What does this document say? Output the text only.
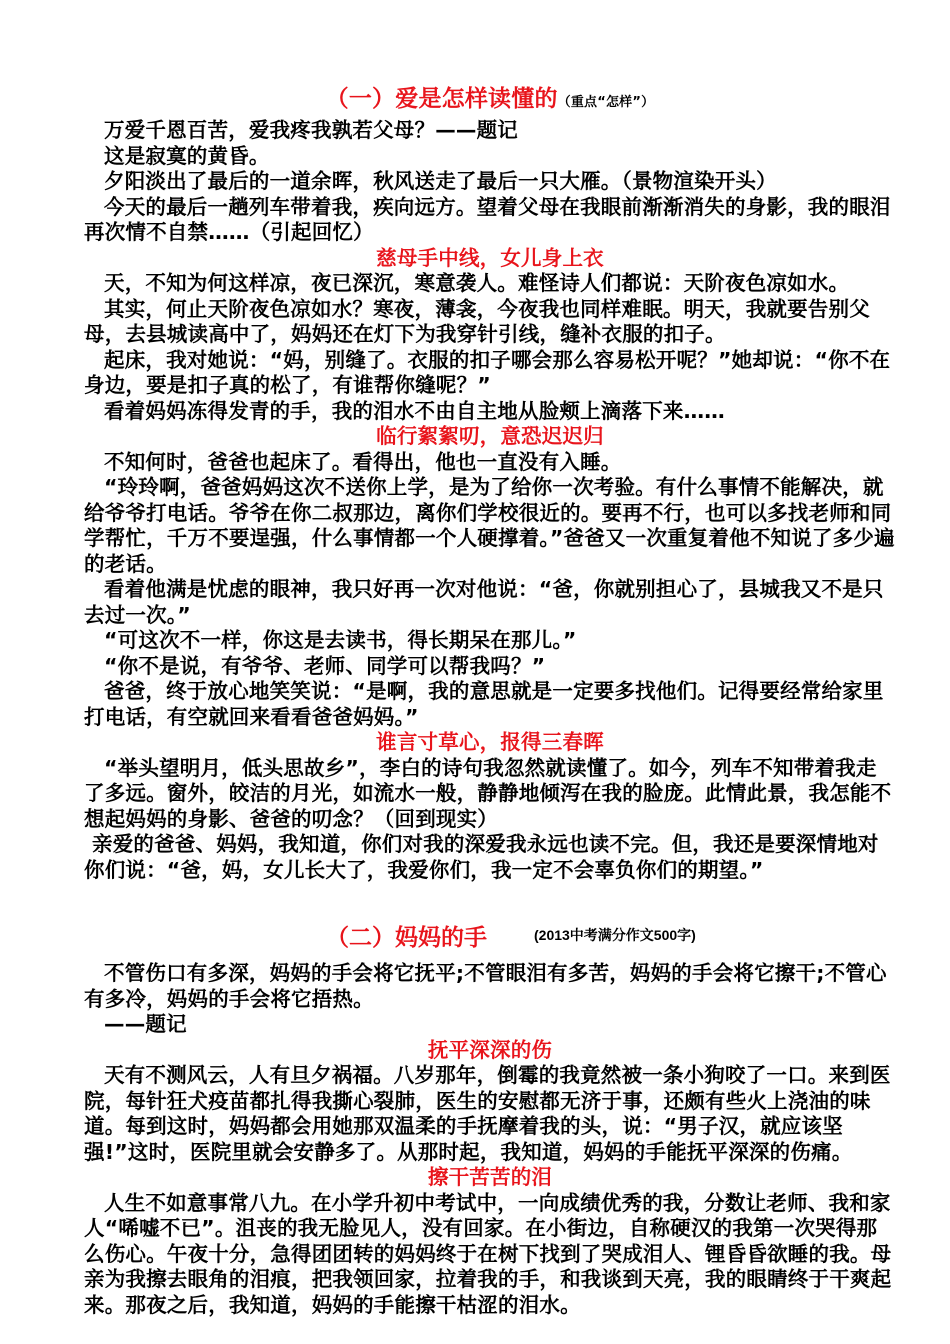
（一）爱是怎样读懂的（重点“怎样”）

万爱千恩百苦，爱我疼我孰若父母？——题记

这是寂寞的黄昏。

夕阳淡出了最后的一道余晖，秋风送走了最后一只大雁。（景物渲染开头）

今天的最后一趟列车带着我，疾向远方。望着父母在我眼前渐渐消失的身影，我的眼泪再次情不自禁……（引起回忆）

慈母手中线，女儿身上衣

天，不知为何这样凉，夜已深沉，寒意袭人。难怪诗人们都说：天阶夜色凉如水。

其实，何止天阶夜色凉如水？寒夜，薄衾，今夜我也同样难眠。明天，我就要告别父母，去县城读高中了，妈妈还在灯下为我穿针引线，缝补衣服的扣子。

起床，我对她说：“妈，别缝了。衣服的扣子哪会那么容易松开呢？”她却说：“你不在身边，要是扣子真的松了，有谁帮你缝呢？”

看着妈妈冻得发青的手，我的泪水不由自主地从脸颊上滴落下来……

临行絮絮叨，意恐迟迟归

不知何时，爸爸也起床了。看得出，他也一直没有入睡。

“玲玲啊，爸爸妈妈这次不送你上学，是为了给你一次考验。有什么事情不能解决，就给爷爷打电话。爷爷在你二叔那边，离你们学校很近的。要再不行，也可以多找老师和同学帮忙，千万不要逞强，什么事情都一个人硬撑着。”爸爸又一次重复着他不知说了多少遍的老话。

看着他满是忧虑的眼神，我只好再一次对他说：“爸，你就别担心了，县城我又不是只去过一次。”

“可这次不一样，你这是去读书，得长期呆在那儿。”

“你不是说，有爷爷、老师、同学可以帮我吗？”

爸爸，终于放心地笑笑说：“是啊，我的意思就是一定要多找他们。记得要经常给家里打电话，有空就回来看看爸爸妈妈。”

谁言寸草心，报得三春晖

“举头望明月，低头思故乡”，李白的诗句我忽然就读懂了。如今，列车不知带着我走了多远。窗外，皎洁的月光，如流水一般，静静地倾泻在我的脸庞。此情此景，我怎能不想起妈妈的身影、爸爸的叨念？（回到现实）

亲爱的爸爸、妈妈，我知道，你们对我的深爱我永远也读不完。但，我还是要深情地对你们说：“爸，妈，女儿长大了，我爱你们，我一定不会辜负你们的期望。”

（二）妈妈的手	(2013中考满分作文500字)

不管伤口有多深，妈妈的手会将它抚平;不管眼泪有多苦，妈妈的手会将它擦干;不管心有多冷，妈妈的手会将它捂热。

——题记

抚平深深的伤

天有不测风云，人有旦夕祸福。八岁那年，倒霉的我竟然被一条小狗咬了一口。来到医院，每针狂犬疫苗都扎得我撕心裂肺，医生的安慰都无济于事，还颇有些火上浇油的味道。每到这时，妈妈都会用她那双温柔的手抚摩着我的头，说：“男子汉，就应该坚强!”这时，医院里就会安静多了。从那时起，我知道，妈妈的手能抚平深深的伤痛。

擦干苦苦的泪

人生不如意事常八九。在小学升初中考试中，一向成绩优秀的我，分数让老师、我和家人“唏嘘不已”。沮丧的我无脸见人，没有回家。在小街边，自称硬汉的我第一次哭得那么伤心。午夜十分，急得团团转的妈妈终于在树下找到了哭成泪人、锂昏昏欲睡的我。母亲为我擦去眼角的泪痕，把我领回家，拉着我的手，和我谈到天亮，我的眼睛终于干爽起来。那夜之后，我知道，妈妈的手能擦干枯涩的泪水。
